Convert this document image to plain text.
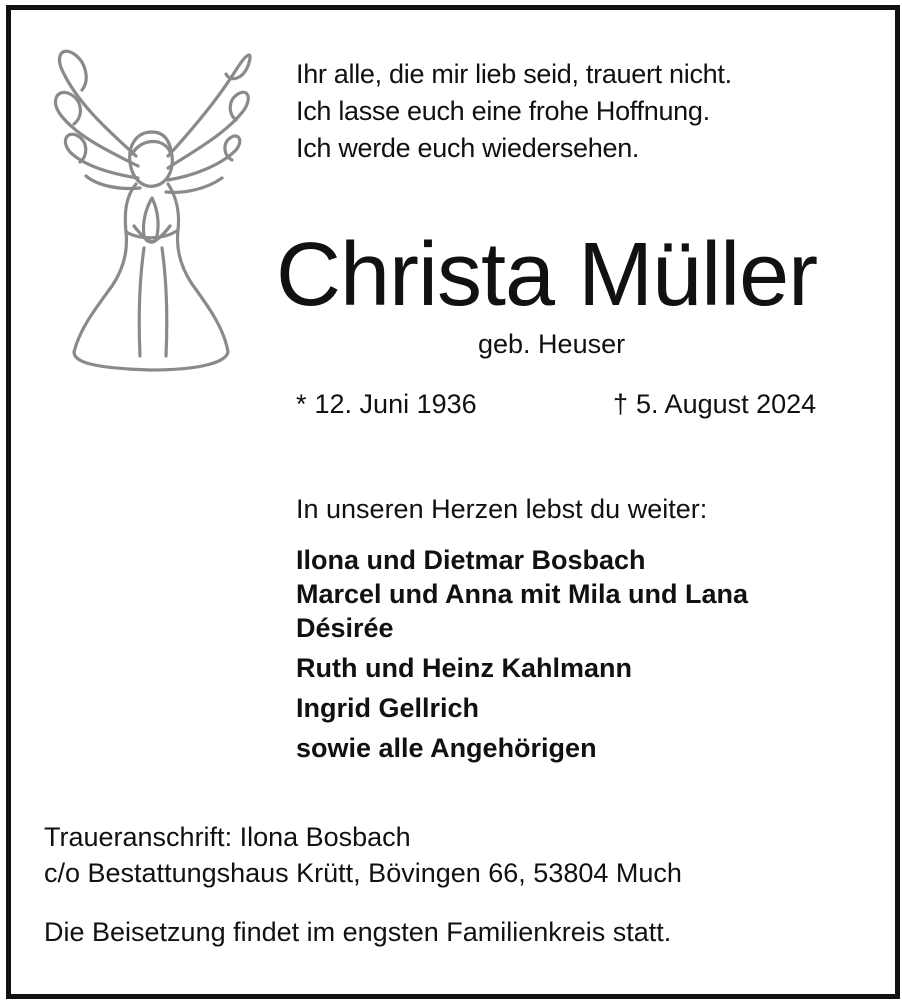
Ihr alle, die mir lieb seid, trauert nicht.
Ich lasse euch eine frohe Hoffnung.
Ich werde euch wiedersehen.
Christa Müller
geb. Heuser
* 12. Juni 1936	† 5. August 2024
In unseren Herzen lebst du weiter:
Ilona und Dietmar Bosbach
Marcel und Anna mit Mila und Lana
Désirée
Ruth und Heinz Kahlmann
Ingrid Gellrich
sowie alle Angehörigen
Traueranschrift: Ilona Bosbach
c/o Bestattungshaus Krütt, Bövingen 66, 53804 Much
Die Beisetzung findet im engsten Familienkreis statt.
